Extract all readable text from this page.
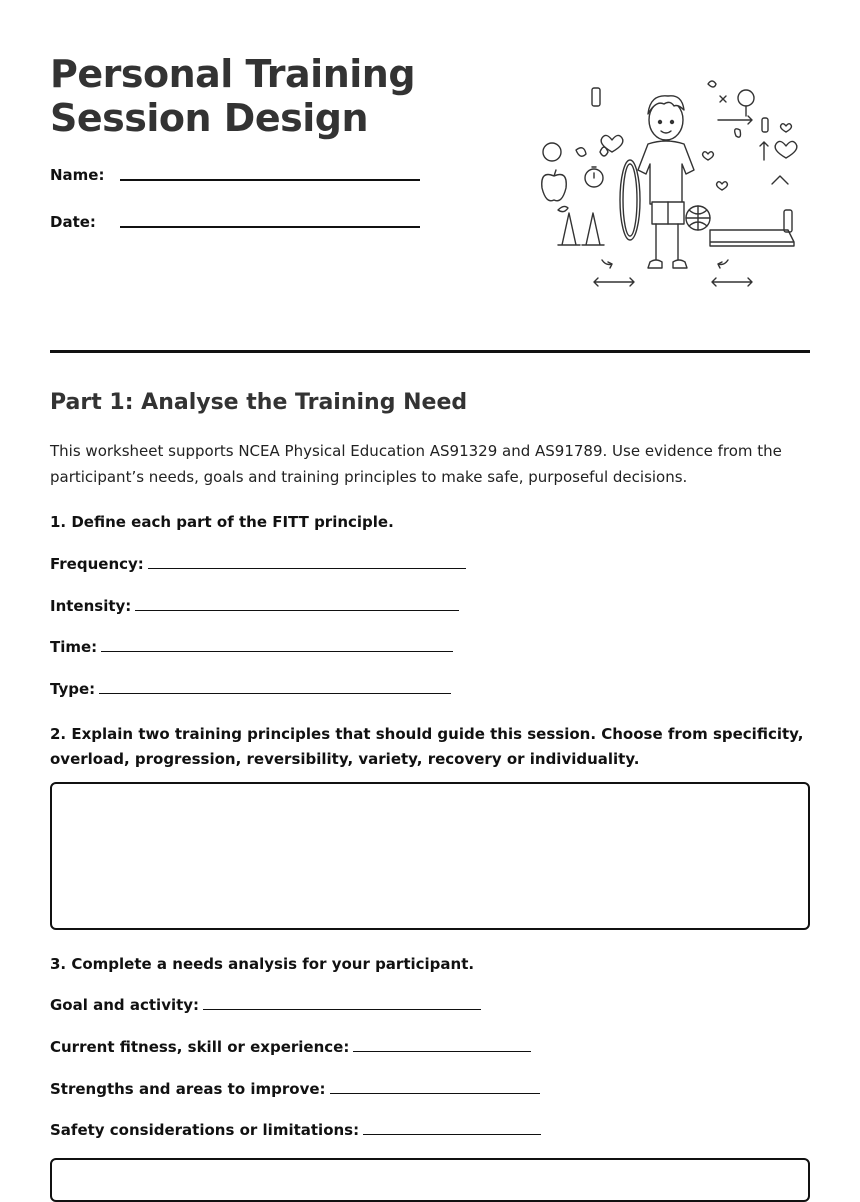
Personal Training
Session Design
Name:
Date:
Part 1: Analyse the Training Need

This worksheet supports NCEA Physical Education AS91329 and AS91789. Use evidence from the participant’s needs, goals and training principles to make safe, purposeful decisions.

1. Define each part of the FITT principle.

Frequency:
Intensity:
Time:
Type:

2. Explain two training principles that should guide this session. Choose from specificity, overload, progression, reversibility, variety, recovery or individuality.

3. Complete a needs analysis for your participant.

Goal and activity:
Current fitness, skill or experience:
Strengths and areas to improve:
Safety considerations or limitations:
